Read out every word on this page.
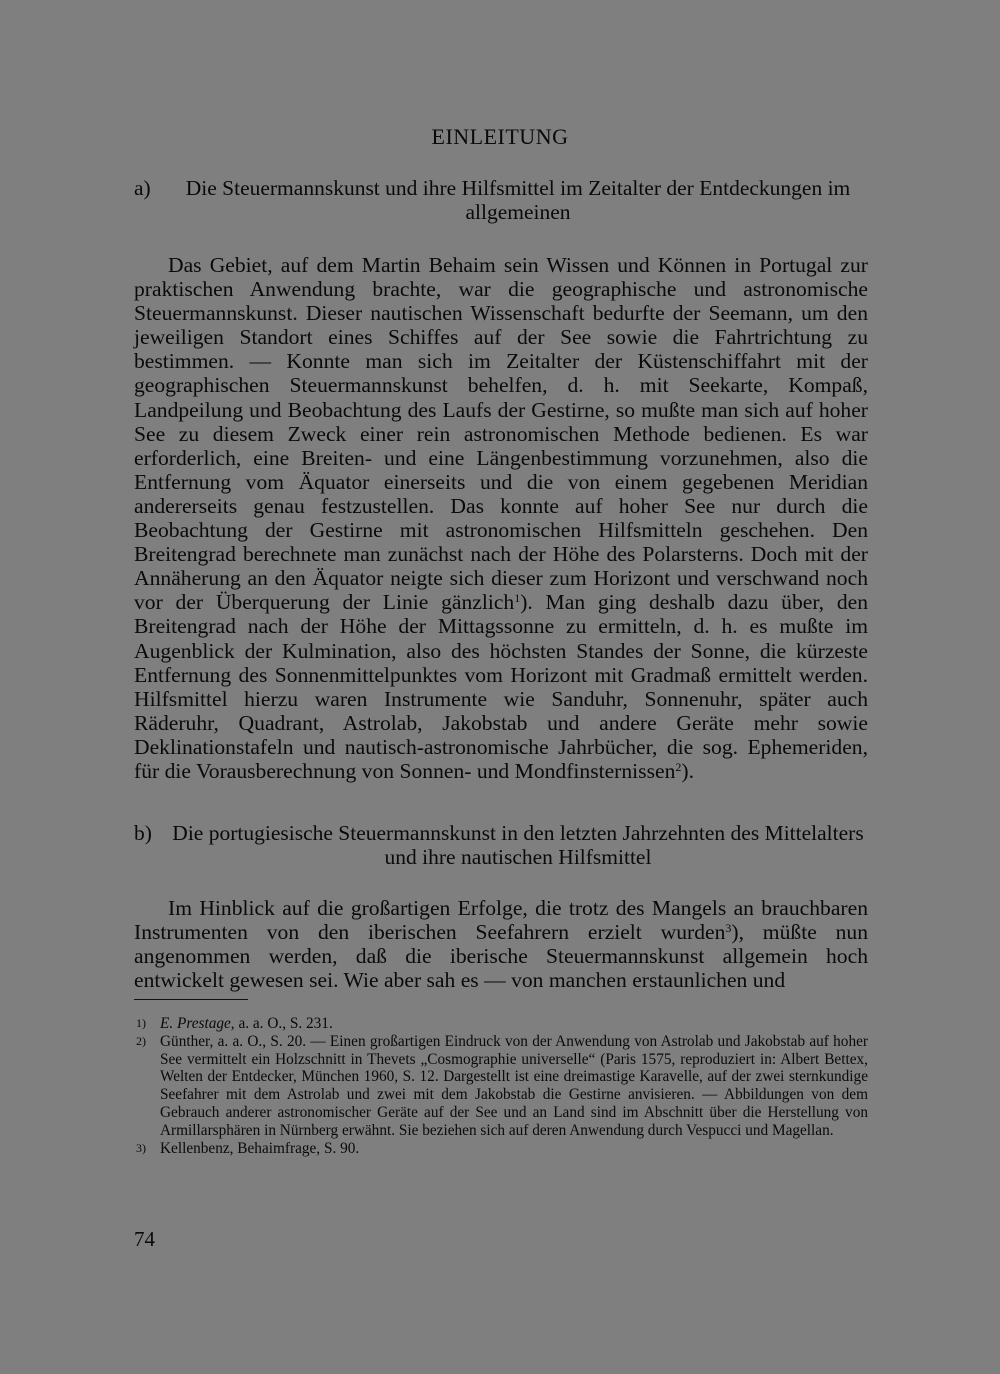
EINLEITUNG
a)	Die Steuermannskunst und ihre Hilfsmittel im Zeitalter der Entdeckungen im allgemeinen

Das Gebiet, auf dem Martin Behaim sein Wissen und Können in Portugal zur praktischen Anwendung brachte, war die geographische und astronomische Steuermannskunst. Dieser nautischen Wissenschaft bedurfte der Seemann, um den jeweiligen Standort eines Schiffes auf der See sowie die Fahrtrichtung zu bestimmen. — Konnte man sich im Zeitalter der Küstenschiffahrt mit der geographischen Steuermannskunst behelfen, d. h. mit Seekarte, Kompaß, Landpeilung und Beobachtung des Laufs der Gestirne, so mußte man sich auf hoher See zu diesem Zweck einer rein astronomischen Methode bedienen. Es war erforderlich, eine Breiten- und eine Längenbestimmung vorzunehmen, also die Entfernung vom Äquator einerseits und die von einem gegebenen Meridian andererseits genau festzustellen. Das konnte auf hoher See nur durch die Beobachtung der Gestirne mit astronomischen Hilfsmitteln geschehen. Den Breitengrad berechnete man zunächst nach der Höhe des Polarsterns. Doch mit der Annäherung an den Äquator neigte sich dieser zum Horizont und verschwand noch vor der Überquerung der Linie gänzlich$^1$). Man ging deshalb dazu über, den Breitengrad nach der Höhe der Mittagssonne zu ermitteln, d. h. es mußte im Augenblick der Kulmination, also des höchsten Standes der Sonne, die kürzeste Entfernung des Sonnenmittelpunktes vom Horizont mit Gradmaß ermittelt werden. Hilfsmittel hierzu waren Instrumente wie Sanduhr, Sonnenuhr, später auch Räderuhr, Quadrant, Astrolab, Jakobstab und andere Geräte mehr sowie Deklinationstafeln und nautisch-astronomische Jahrbücher, die sog. Ephemeriden, für die Vorausberechnung von Sonnen- und Mondfinsternissen$^2$).

b) Die portugiesische Steuermannskunst in den letzten Jahrzehnten des Mittelalters und ihre nautischen Hilfsmittel

Im Hinblick auf die großartigen Erfolge, die trotz des Mangels an brauchbaren Instrumenten von den iberischen Seefahrern erzielt wurden$^3$), müßte nun angenommen werden, daß die iberische Steuermannskunst allgemein hoch entwickelt gewesen sei. Wie aber sah es — von manchen erstaunlichen und

1) E. Prestage, a. a. O., S. 231.
2) Günther, a. a. O., S. 20. — Einen großartigen Eindruck von der Anwendung von Astrolab und Jakobstab auf hoher See vermittelt ein Holzschnitt in Thevets „Cosmographie universelle“ (Paris 1575, reproduziert in: Albert Bettex, Welten der Entdecker, München 1960, S. 12. Dargestellt ist eine dreimastige Karavelle, auf der zwei sternkundige Seefahrer mit dem Astrolab und zwei mit dem Jakobstab die Gestirne anvisieren. — Abbildungen von dem Gebrauch anderer astronomischer Geräte auf der See und an Land sind im Abschnitt über die Herstellung von Armillarsphären in Nürnberg erwähnt. Sie beziehen sich auf deren Anwendung durch Vespucci und Magellan.
3) Kellenbenz, Behaimfrage, S. 90.
74
